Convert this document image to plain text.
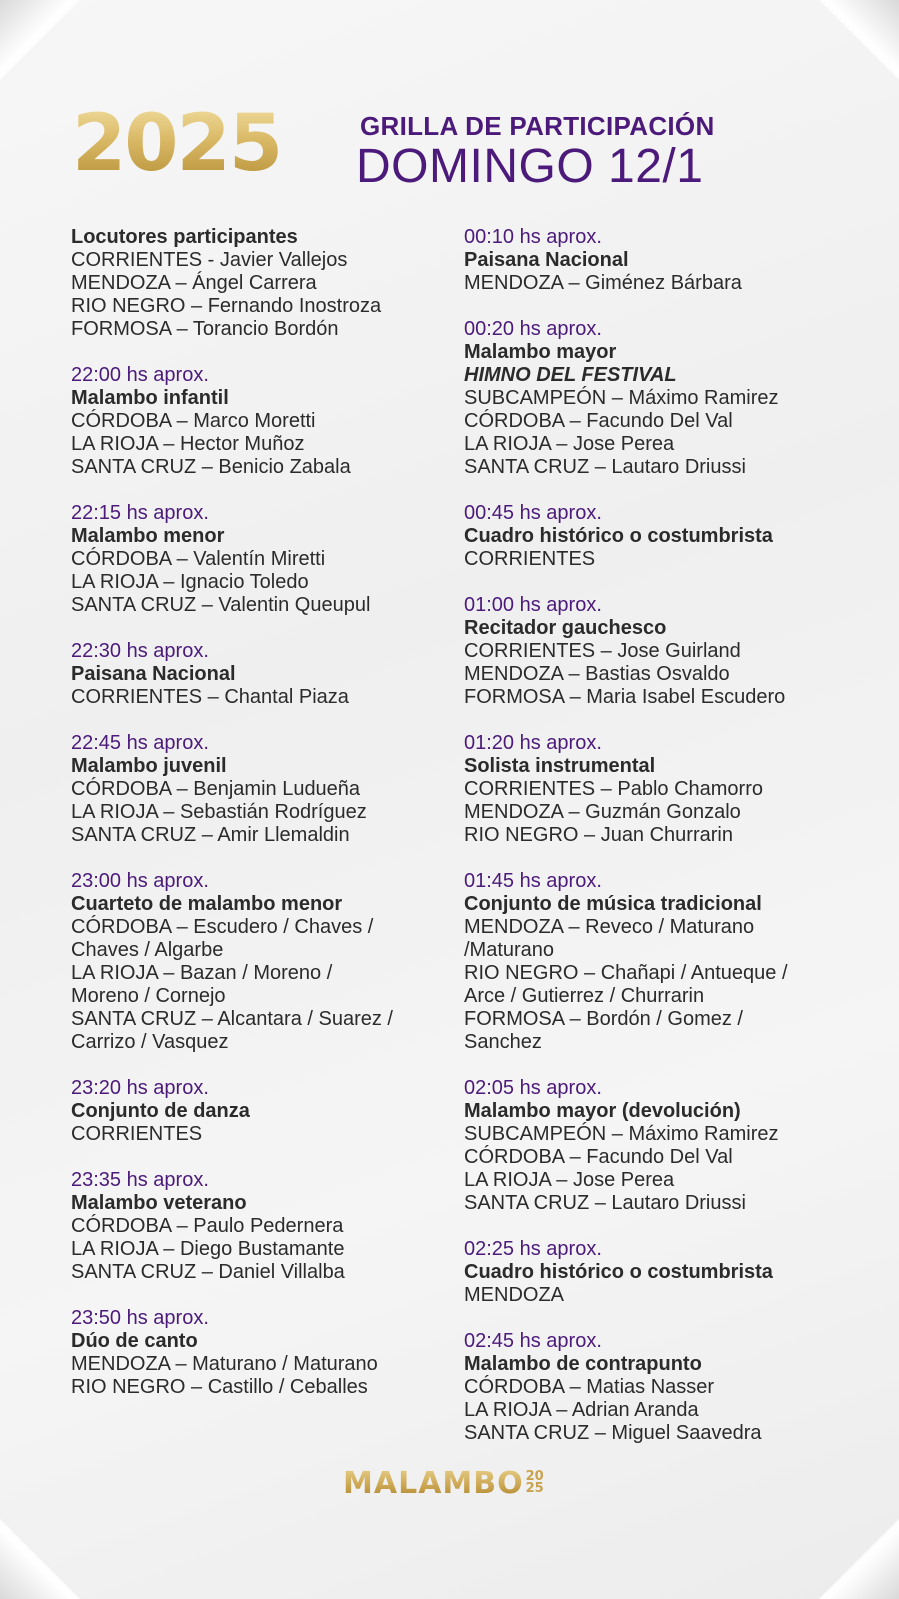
2025	GRILLA DE PARTICIPACIÓN
DOMINGO 12/1
Locutores participantes
CORRIENTES - Javier Vallejos
MENDOZA – Ángel Carrera
RIO NEGRO – Fernando Inostroza
FORMOSA – Torancio Bordón
22:00 hs aprox.
Malambo infantil
CÓRDOBA – Marco Moretti
LA RIOJA – Hector Muñoz
SANTA CRUZ – Benicio Zabala
22:15 hs aprox.
Malambo menor
CÓRDOBA – Valentín Miretti
LA RIOJA – Ignacio Toledo
SANTA CRUZ – Valentin Queupul
22:30 hs aprox.
Paisana Nacional
CORRIENTES – Chantal Piaza
22:45 hs aprox.
Malambo juvenil
CÓRDOBA – Benjamin Ludueña
LA RIOJA – Sebastián Rodríguez
SANTA CRUZ – Amir Llemaldin
23:00 hs aprox.
Cuarteto de malambo menor
CÓRDOBA – Escudero / Chaves /
Chaves / Algarbe
LA RIOJA – Bazan / Moreno /
Moreno / Cornejo
SANTA CRUZ – Alcantara / Suarez /
Carrizo / Vasquez
23:20 hs aprox.
Conjunto de danza
CORRIENTES
23:35 hs aprox.
Malambo veterano
CÓRDOBA – Paulo Pedernera
LA RIOJA – Diego Bustamante
SANTA CRUZ – Daniel Villalba
23:50 hs aprox.
Dúo de canto
MENDOZA – Maturano / Maturano
RIO NEGRO – Castillo / Ceballes
00:10 hs aprox.
Paisana Nacional
MENDOZA – Giménez Bárbara
00:20 hs aprox.
Malambo mayor
HIMNO DEL FESTIVAL
SUBCAMPEÓN – Máximo Ramirez
CÓRDOBA – Facundo Del Val
LA RIOJA – Jose Perea
SANTA CRUZ – Lautaro Driussi
00:45 hs aprox.
Cuadro histórico o costumbrista
CORRIENTES
01:00 hs aprox.
Recitador gauchesco
CORRIENTES – Jose Guirland
MENDOZA – Bastias Osvaldo
FORMOSA – Maria Isabel Escudero
01:20 hs aprox.
Solista instrumental
CORRIENTES – Pablo Chamorro
MENDOZA – Guzmán Gonzalo
RIO NEGRO – Juan Churrarin
01:45 hs aprox.
Conjunto de música tradicional
MENDOZA – Reveco / Maturano
/Maturano
RIO NEGRO – Chañapi / Antueque /
Arce / Gutierrez / Churrarin
FORMOSA – Bordón / Gomez /
Sanchez
02:05 hs aprox.
Malambo mayor (devolución)
SUBCAMPEÓN – Máximo Ramirez
CÓRDOBA – Facundo Del Val
LA RIOJA – Jose Perea
SANTA CRUZ – Lautaro Driussi
02:25 hs aprox.
Cuadro histórico o costumbrista
MENDOZA
02:45 hs aprox.
Malambo de contrapunto
CÓRDOBA – Matias Nasser
LA RIOJA – Adrian Aranda
SANTA CRUZ – Miguel Saavedra
MALAMBO 20
25
